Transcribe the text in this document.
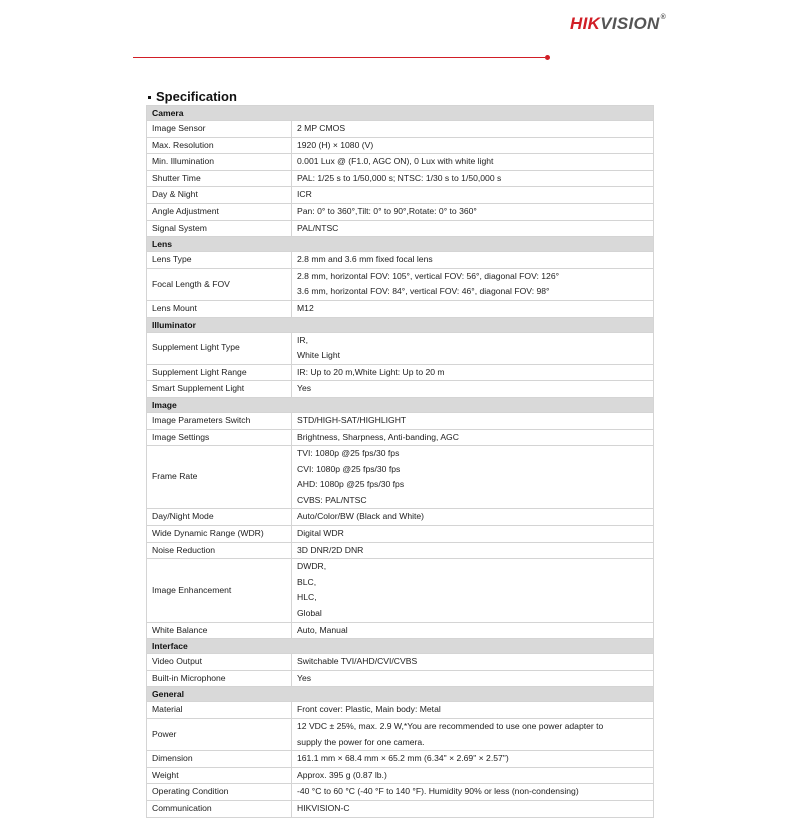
HIKVISION®
Specification
Camera	
Image Sensor	2 MP CMOS

Max. Resolution	1920 (H) × 1080 (V)

Min. Illumination	0.001 Lux @ (F1.0, AGC ON), 0 Lux with white light

Shutter Time	PAL: 1/25 s to 1/50,000 s; NTSC: 1/30 s to 1/50,000 s

Day & Night	ICR

Angle Adjustment	Pan: 0° to 360°,Tilt: 0° to 90°,Rotate: 0° to 360°

Signal System	PAL/NTSC

Lens	
Lens Type	2.8 mm and 3.6 mm fixed focal lens

Focal Length & FOV	2.8 mm, horizontal FOV: 105°, vertical FOV: 56°, diagonal FOV: 126°
3.6 mm, horizontal FOV: 84°, vertical FOV: 46°, diagonal FOV: 98°

Lens Mount	M12

Illuminator	
Supplement Light Type	IR,
White Light

Supplement Light Range	IR: Up to 20 m,White Light: Up to 20 m

Smart Supplement Light	Yes

Image	
Image Parameters Switch	STD/HIGH-SAT/HIGHLIGHT

Image Settings	Brightness, Sharpness, Anti-banding, AGC

Frame Rate	TVI: 1080p @25 fps/30 fps
CVI: 1080p @25 fps/30 fps
AHD: 1080p @25 fps/30 fps
CVBS: PAL/NTSC

Day/Night Mode	Auto/Color/BW (Black and White)

Wide Dynamic Range (WDR)	Digital WDR

Noise Reduction	3D DNR/2D DNR

Image Enhancement	DWDR,
BLC,
HLC,
Global

White Balance	Auto, Manual

Interface	
Video Output	Switchable TVI/AHD/CVI/CVBS

Built-in Microphone	Yes

General	
Material	Front cover: Plastic, Main body: Metal

Power	12 VDC ± 25%, max. 2.9 W,*You are recommended to use one power adapter to
supply the power for one camera.

Dimension	161.1 mm × 68.4 mm × 65.2 mm (6.34" × 2.69" × 2.57")

Weight	Approx. 395 g (0.87 lb.)

Operating Condition	-40 °C to 60 °C (-40 °F to 140 °F). Humidity 90% or less (non-condensing)

Communication	HIKVISION-C
